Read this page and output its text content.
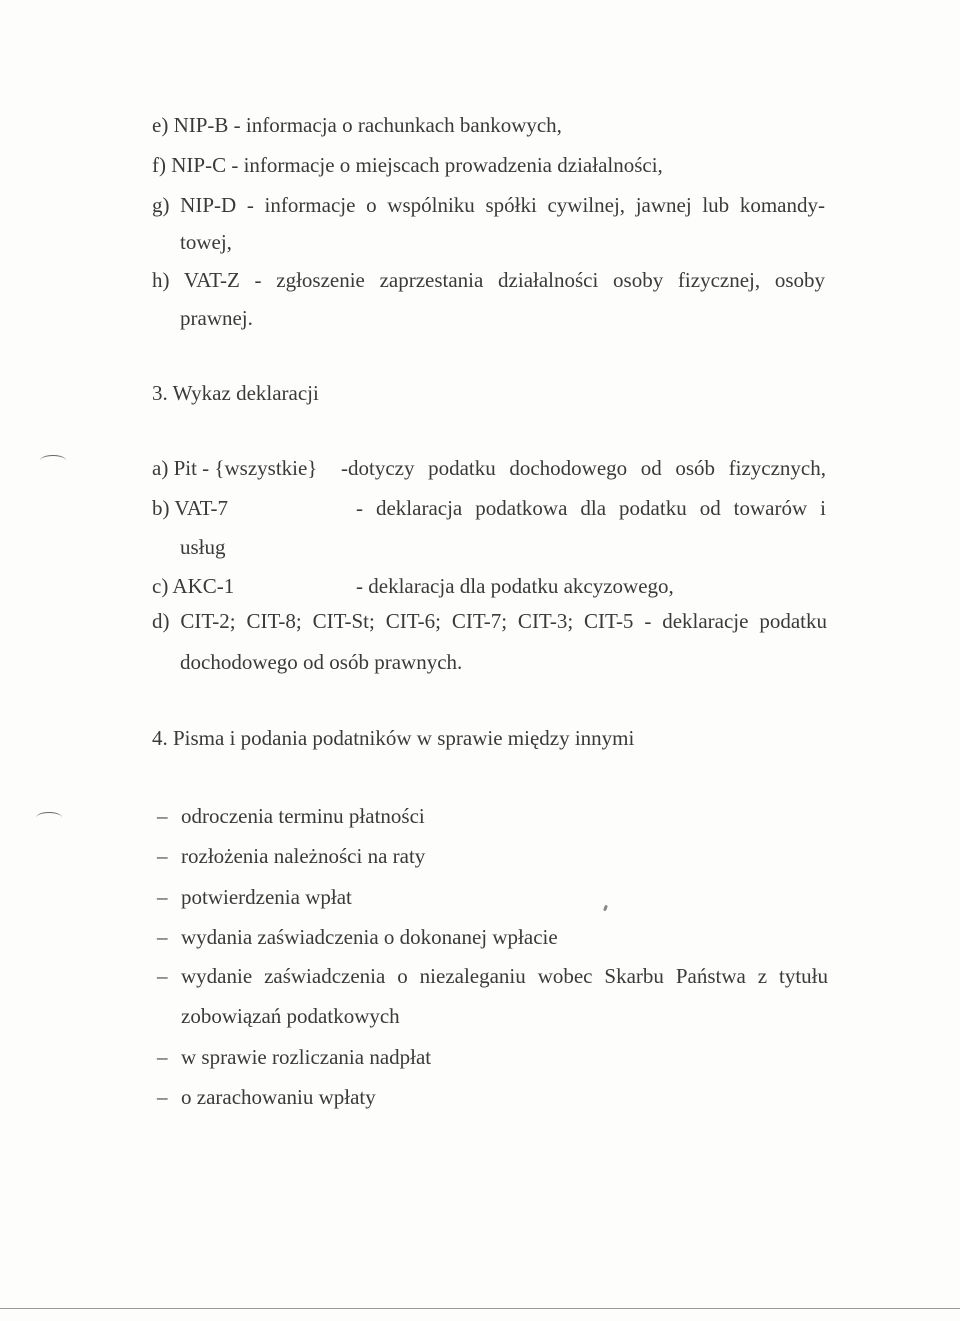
e) NIP-B - informacja o rachunkach bankowych,
f) NIP-C - informacje o miejscach prowadzenia działalności,
g) NIP-D - informacje o wspólniku spółki cywilnej, jawnej lub komandy-
towej,
h) VAT-Z - zgłoszenie zaprzestania działalności osoby fizycznej, osoby
prawnej.
3. Wykaz deklaracji
a) Pit - {wszystkie} -dotyczy podatku dochodowego od osób fizycznych,
b) VAT-7	- deklaracja podatkowa dla podatku od towarów i
usług
c) AKC-1	- deklaracja dla podatku akcyzowego,
d) CIT-2; CIT-8; CIT-St; CIT-6; CIT-7; CIT-3; CIT-5 - deklaracje podatku
dochodowego od osób prawnych.
4. Pisma i podania podatników w sprawie między innymi
– odroczenia terminu płatności
– rozłożenia należności na raty
– potwierdzenia wpłat
– wydania zaświadczenia o dokonanej wpłacie
– wydanie zaświadczenia o niezaleganiu wobec Skarbu Państwa z tytułu
zobowiązań podatkowych
– w sprawie rozliczania nadpłat
– o zarachowaniu wpłaty
